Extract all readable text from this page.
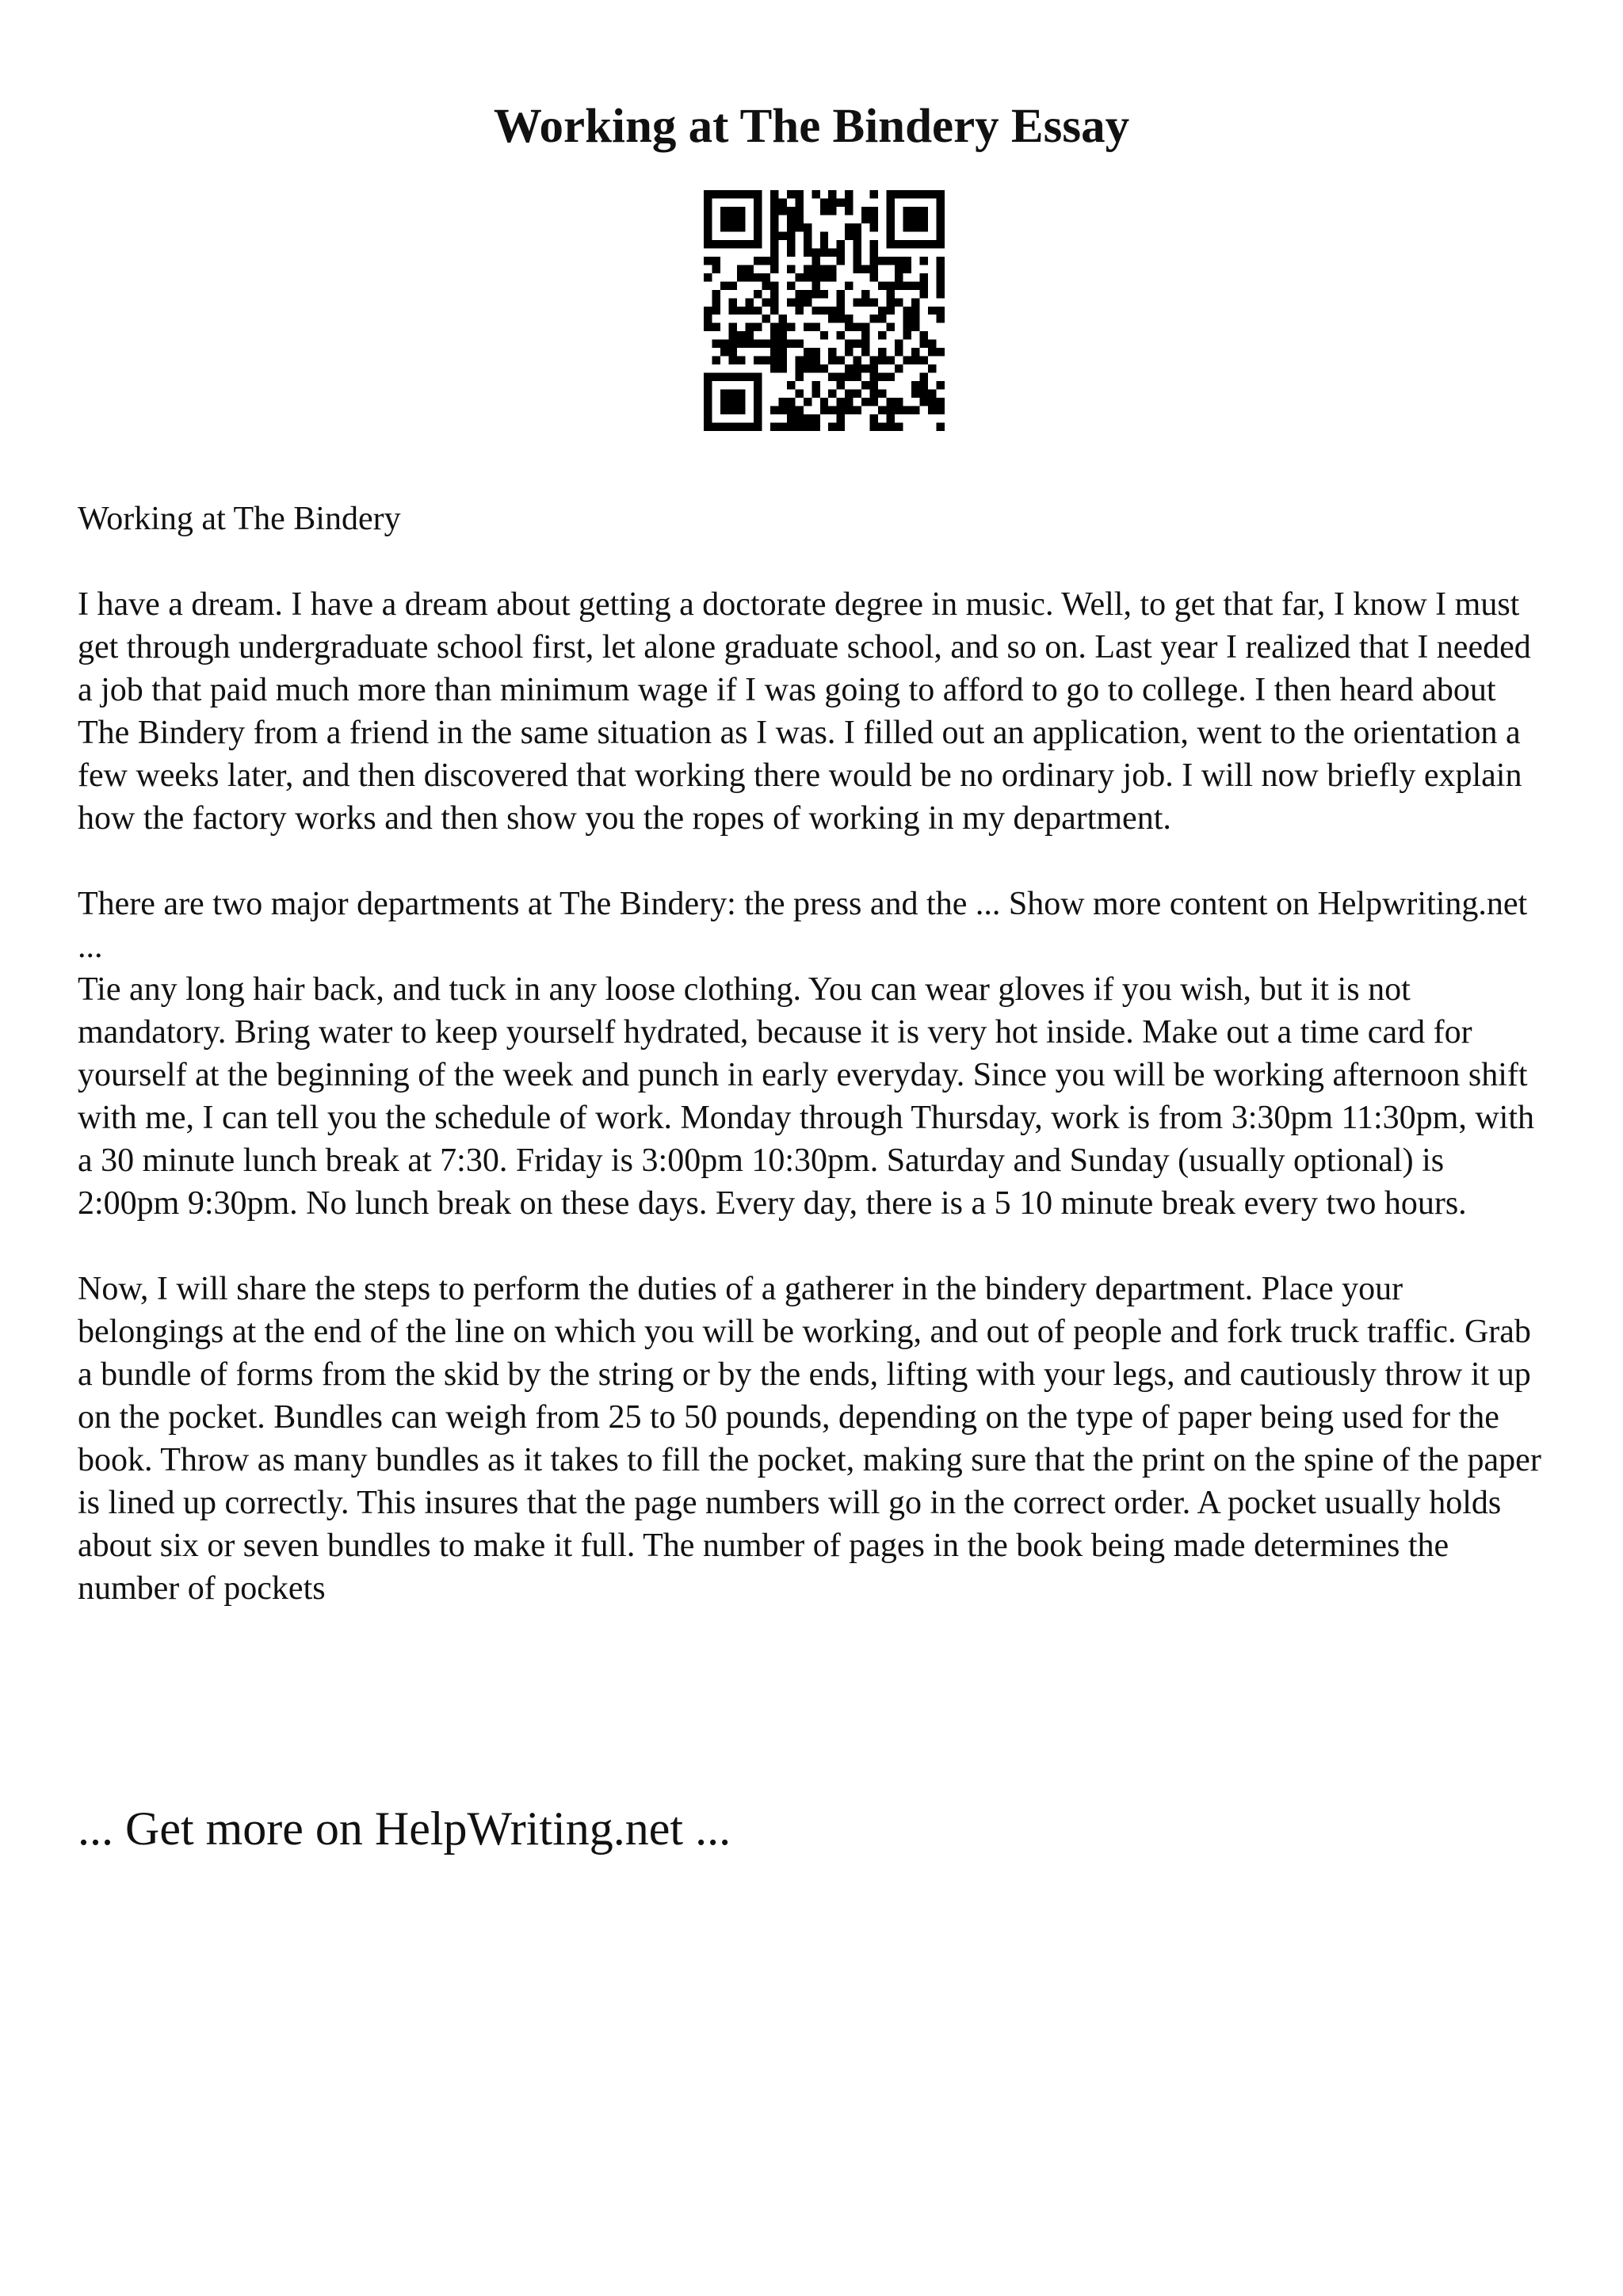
Working at The Bindery Essay

Working at The Bindery

I have a dream. I have a dream about getting a doctorate degree in music. Well, to get that far, I know I must get through undergraduate school first, let alone graduate school, and so on. Last year I realized that I needed a job that paid much more than minimum wage if I was going to afford to go to college. I then heard about The Bindery from a friend in the same situation as I was. I filled out an application, went to the orientation a few weeks later, and then discovered that working there would be no ordinary job. I will now briefly explain how the factory works and then show you the ropes of working in my department.

There are two major departments at The Bindery: the press and the ... Show more content on Helpwriting.net ...

Tie any long hair back, and tuck in any loose clothing. You can wear gloves if you wish, but it is not mandatory. Bring water to keep yourself hydrated, because it is very hot inside. Make out a time card for yourself at the beginning of the week and punch in early everyday. Since you will be working afternoon shift with me, I can tell you the schedule of work. Monday through Thursday, work is from 3:30pm 11:30pm, with a 30 minute lunch break at 7:30. Friday is 3:00pm 10:30pm. Saturday and Sunday (usually optional) is 2:00pm 9:30pm. No lunch break on these days. Every day, there is a 5 10 minute break every two hours.

Now, I will share the steps to perform the duties of a gatherer in the bindery department. Place your belongings at the end of the line on which you will be working, and out of people and fork truck traffic. Grab a bundle of forms from the skid by the string or by the ends, lifting with your legs, and cautiously throw it up on the pocket. Bundles can weigh from 25 to 50 pounds, depending on the type of paper being used for the book. Throw as many bundles as it takes to fill the pocket, making sure that the print on the spine of the paper is lined up correctly. This insures that the page numbers will go in the correct order. A pocket usually holds about six or seven bundles to make it full. The number of pages in the book being made determines the number of pockets

... Get more on HelpWriting.net ...
